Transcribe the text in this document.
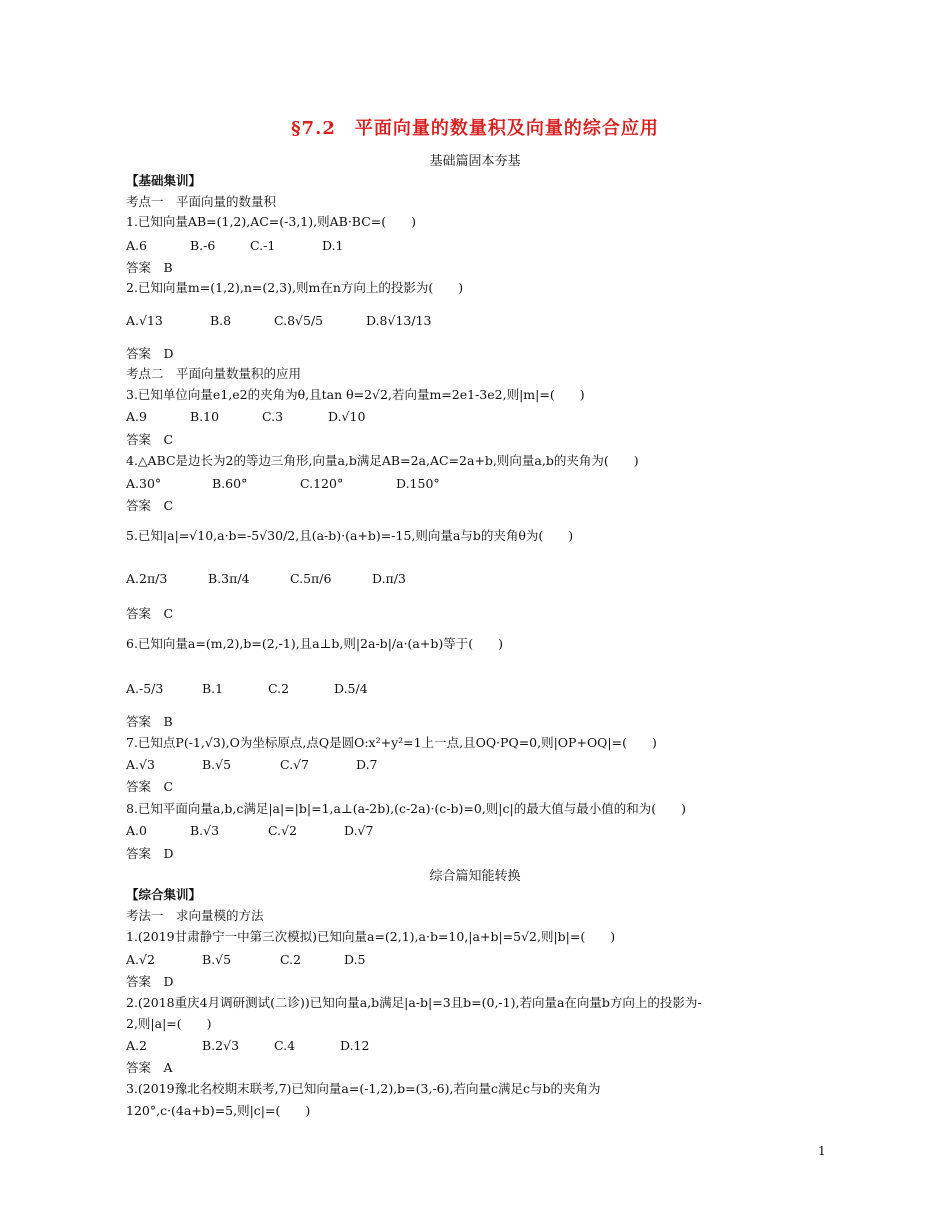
§7.2　平面向量的数量积及向量的综合应用
基础篇固本夯基
【基础集训】
考点一　平面向量的数量积
1.已知向量AB=(1,2),AC=(-3,1),则AB·BC=(　　)
A.6	B.-6	C.-1	D.1
答案　B
2.已知向量m=(1,2),n=(2,3),则m在n方向上的投影为(　　)
A.√13	B.8	C.8√5/5	D.8√13/13
答案　D
考点二　平面向量数量积的应用
3.已知单位向量e1,e2的夹角为θ,且tan θ=2√2,若向量m=2e1-3e2,则|m|=(　　)
A.9	B.10	C.3	D.√10
答案　C
4.△ABC是边长为2的等边三角形,向量a,b满足AB=2a,AC=2a+b,则向量a,b的夹角为(　　)
A.30°	B.60°	C.120°	D.150°
答案　C
5.已知|a|=√10,a·b=-5√30/2,且(a-b)·(a+b)=-15,则向量a与b的夹角θ为(　　)
A.2π/3	B.3π/4	C.5π/6	D.π/3
答案　C
6.已知向量a=(m,2),b=(2,-1),且a⊥b,则|2a-b|/a·(a+b)等于(　　)
A.-5/3	B.1	C.2	D.5/4
答案　B
7.已知点P(-1,√3),O为坐标原点,点Q是圆O:x²+y²=1上一点,且OQ·PQ=0,则|OP+OQ|=(　　)
A.√3	B.√5	C.√7	D.7
答案　C
8.已知平面向量a,b,c满足|a|=|b|=1,a⊥(a-2b),(c-2a)·(c-b)=0,则|c|的最大值与最小值的和为(　　)
A.0	B.√3	C.√2	D.√7
答案　D
综合篇知能转换
【综合集训】
考法一　求向量模的方法
1.(2019甘肃静宁一中第三次模拟)已知向量a=(2,1),a·b=10,|a+b|=5√2,则|b|=(　　)
A.√2	B.√5	C.2	D.5
答案　D
2.(2018重庆4月调研测试(二诊))已知向量a,b满足|a-b|=3且b=(0,-1),若向量a在向量b方向上的投影为-
2,则|a|=(　　)
A.2	B.2√3	C.4	D.12
答案　A
3.(2019豫北名校期末联考,7)已知向量a=(-1,2),b=(3,-6),若向量c满足c与b的夹角为
120°,c·(4a+b)=5,则|c|=(　　)
1
